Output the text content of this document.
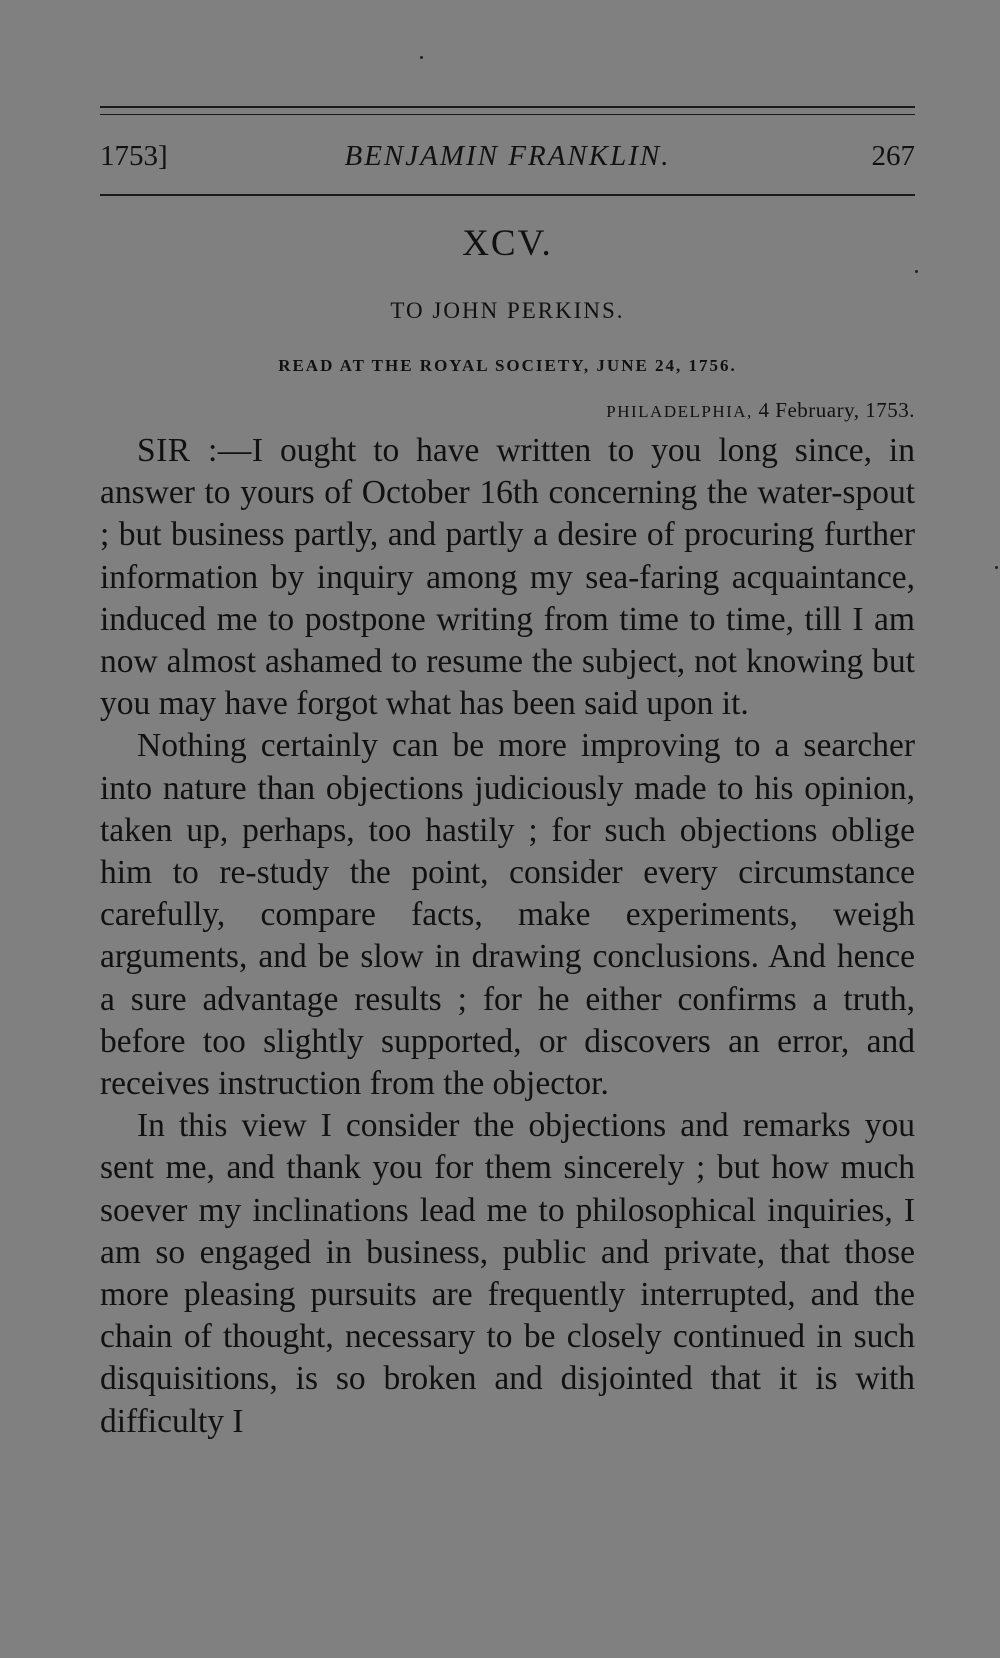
1753]	BENJAMIN FRANKLIN.	267
XCV.
TO JOHN PERKINS.
READ AT THE ROYAL SOCIETY, JUNE 24, 1756.
PHILADELPHIA, 4 February, 1753.

SIR :—I ought to have written to you long since, in answer to yours of October 16th concerning the water-spout ; but business partly, and partly a desire of procuring further information by inquiry among my sea-faring acquaintance, induced me to postpone writing from time to time, till I am now almost ashamed to resume the subject, not knowing but you may have forgot what has been said upon it.

Nothing certainly can be more improving to a searcher into nature than objections judiciously made to his opinion, taken up, perhaps, too hastily ; for such objections oblige him to re-study the point, consider every circumstance carefully, compare facts, make experiments, weigh arguments, and be slow in drawing conclusions. And hence a sure advantage results ; for he either confirms a truth, before too slightly supported, or discovers an error, and receives instruction from the objector.

In this view I consider the objections and remarks you sent me, and thank you for them sincerely ; but how much soever my inclinations lead me to philosophical inquiries, I am so engaged in business, public and private, that those more pleasing pursuits are frequently interrupted, and the chain of thought, necessary to be closely continued in such disquisitions, is so broken and disjointed that it is with difficulty I
